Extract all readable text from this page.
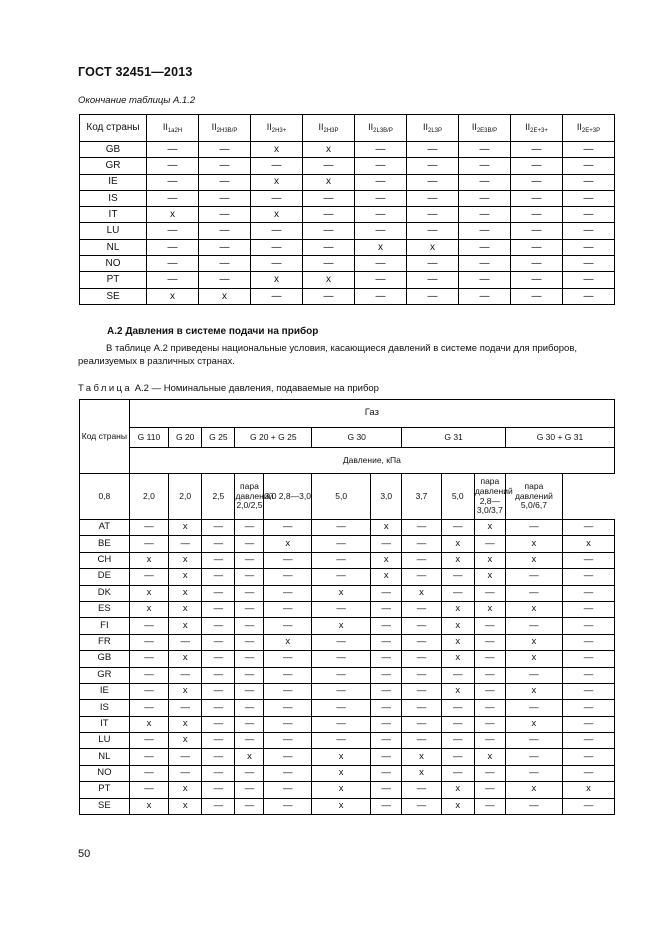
ГОСТ 32451—2013
Окончание таблицы А.1.2
Код страны	$II_{1a2H}$	$II_{2H3B/P}$	$II_{2H3+}$	$II_{2H3P}$	$II_{2L3B/P}$	$II_{2L3P}$	$II_{2E3B/P}$	$II_{2E+3+}$	$II_{2E+3P}$
GB	—	—	x	x	—	—	—	—	—
GR	—	—	—	—	—	—	—	—	—
IE	—	—	x	x	—	—	—	—	—
IS	—	—	—	—	—	—	—	—	—
IT	x	—	x	—	—	—	—	—	—
LU	—	—	—	—	—	—	—	—	—
NL	—	—	—	—	x	x	—	—	—
NO	—	—	—	—	—	—	—	—	—
PT	—	—	x	x	—	—	—	—	—
SE	x	x	—	—	—	—	—	—	—
А.2 Давления в системе подачи на прибор
В таблице А.2 приведены национальные условия, касающиеся давлений в системе подачи для приборов, реализуемых в различных странах.
Таблица А.2 — Номинальные давления, подаваемые на прибор
Код страны	Газ											
	G 110	G 20	G 25	G 20 + G 25		G 30		G 31			G 30 + G 31	
	Давление, кПа											
0,8	2,0	2,0	2,5	пара давлений 2,0/2,5	3,0 2,8—3,0	5,0	3,0	3,7	5,0	пара давлений 2,8—3,0/3,7	пара давлений 5,0/6,7	
AT	—	x	—	—	—	—	x	—	—	x	—	—
BE	—	—	—	—	x	—	—	—	x	—	x	x
CH	x	x	—	—	—	—	x	—	x	x	x	—
DE	—	x	—	—	—	—	x	—	—	x	—	—
DK	x	x	—	—	—	x	—	x	—	—	—	—
ES	x	x	—	—	—	—	—	—	x	x	x	—
FI	—	x	—	—	—	x	—	—	x	—	—	—
FR	—	—	—	—	x	—	—	—	x	—	x	—
GB	—	x	—	—	—	—	—	—	x	—	x	—
GR	—	—	—	—	—	—	—	—	—	—	—	—
IE	—	x	—	—	—	—	—	—	x	—	x	—
IS	—	—	—	—	—	—	—	—	—	—	—	—
IT	x	x	—	—	—	—	—	—	—	—	x	—
LU	—	x	—	—	—	—	—	—	—	—	—	—
NL	—	—	—	x	—	x	—	x	—	x	—	—
NO	—	—	—	—	—	x	—	x	—	—	—	—
PT	—	x	—	—	—	x	—	—	x	—	x	x
SE	x	x	—	—	—	x	—	—	x	—	—	—
50
